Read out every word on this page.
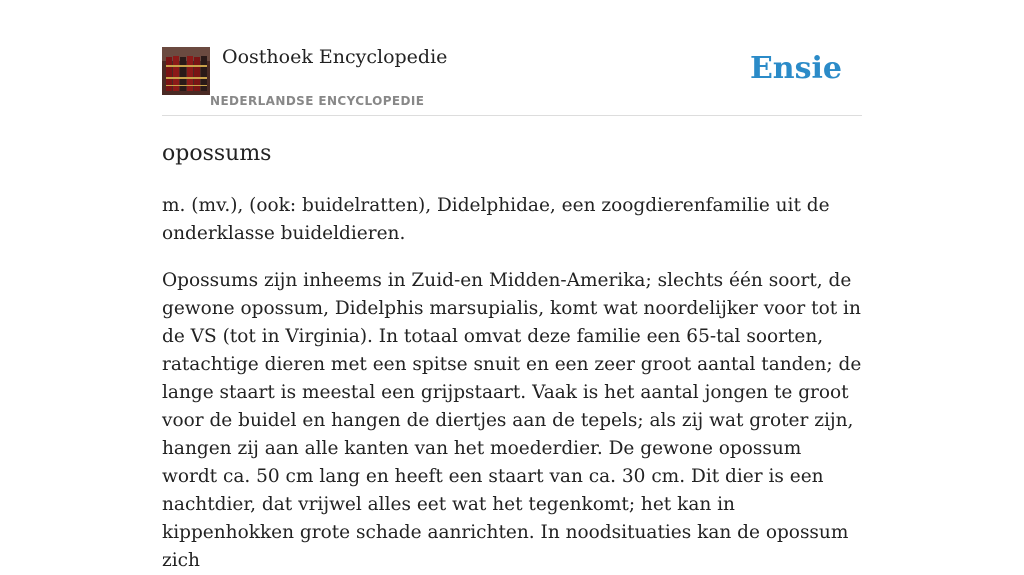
Oosthoek Encyclopedie
NEDERLANDSE ENCYCLOPEDIE
Ensie
opossums

m. (mv.), (ook: buidelratten), Didelphidae, een zoogdierenfamilie uit de onderklasse buideldieren.

Opossums zijn inheems in Zuid-en Midden-Amerika; slechts één soort, de gewone opossum, Didelphis marsupialis, komt wat noordelijker voor tot in de VS (tot in Virginia). In totaal omvat deze familie een 65-tal soorten, ratachtige dieren met een spitse snuit en een zeer groot aantal tanden; de lange staart is meestal een grijpstaart. Vaak is het aantal jongen te groot voor de buidel en hangen de diertjes aan de tepels; als zij wat groter zijn, hangen zij aan alle kanten van het moederdier. De gewone opossum wordt ca. 50 cm lang en heeft een staart van ca. 30 cm. Dit dier is een nachtdier, dat vrijwel alles eet wat het tegenkomt; het kan in kippenhokken grote schade aanrichten. In noodsituaties kan de opossum zich
